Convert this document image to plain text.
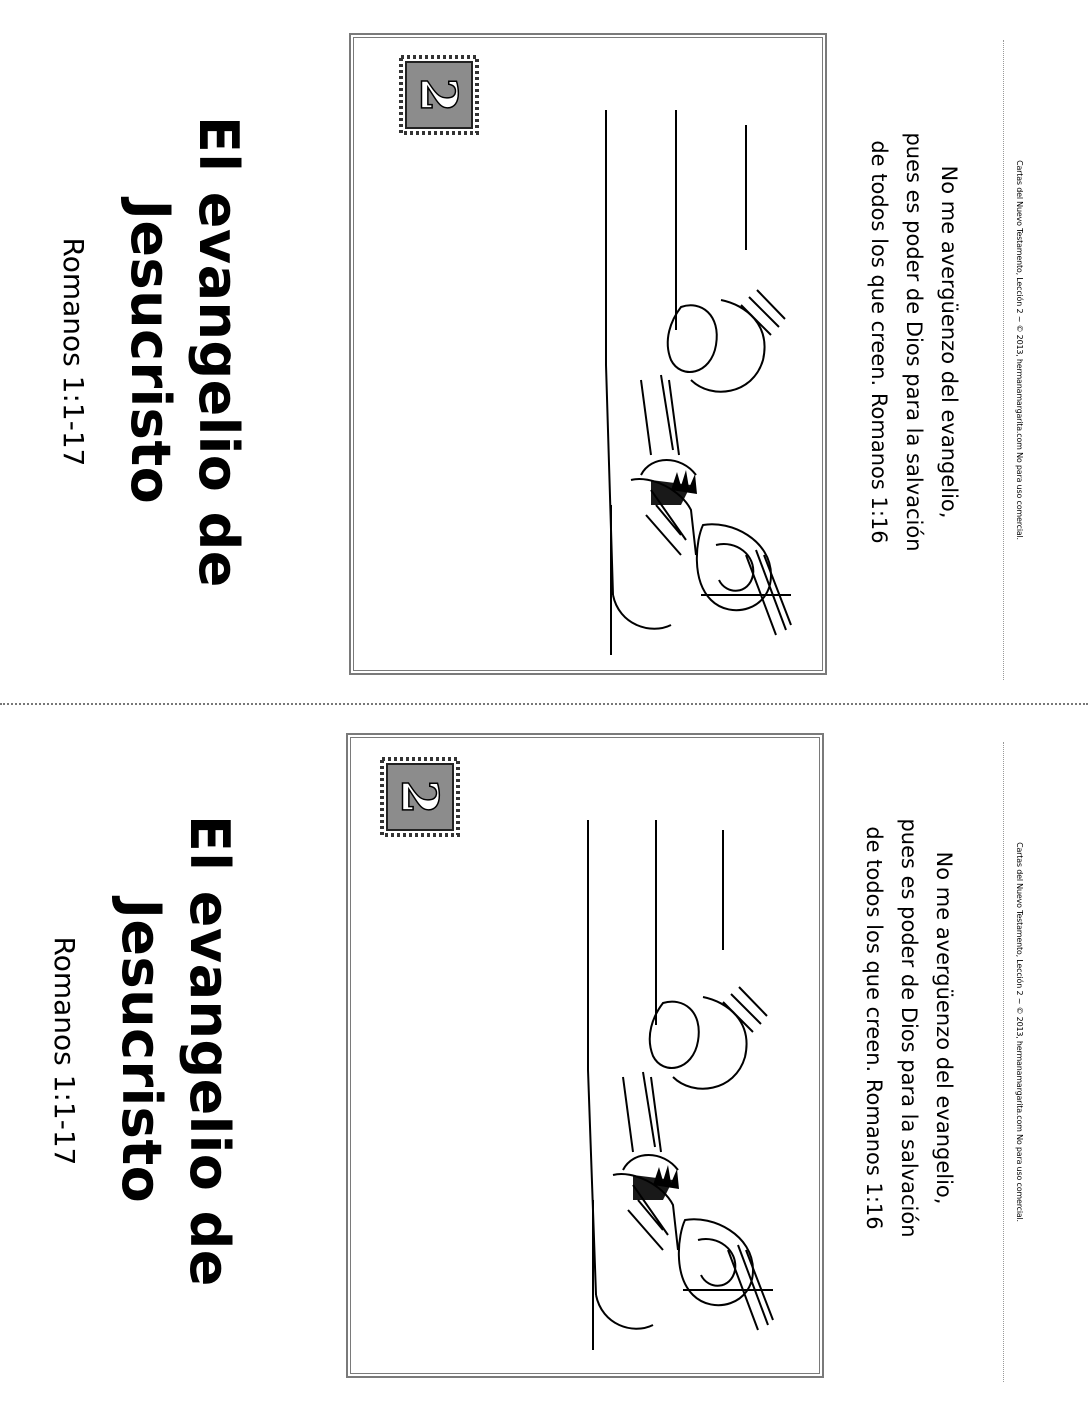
El evangelio de Jesucristo
Romanos 1:1-17
2
No me avergüenzo del evangelio,
pues es poder de Dios para la salvación
de todos los que creen. Romanos 1:16	Cartas del Nuevo Testamento, Lección 2 ~ © 2013, hermanamargarita.com No para uso comercial.
El evangelio de Jesucristo
Romanos 1:1-17
2
No me avergüenzo del evangelio,
pues es poder de Dios para la salvación
de todos los que creen. Romanos 1:16	Cartas del Nuevo Testamento, Lección 2 ~ © 2013, hermanamargarita.com No para uso comercial.
